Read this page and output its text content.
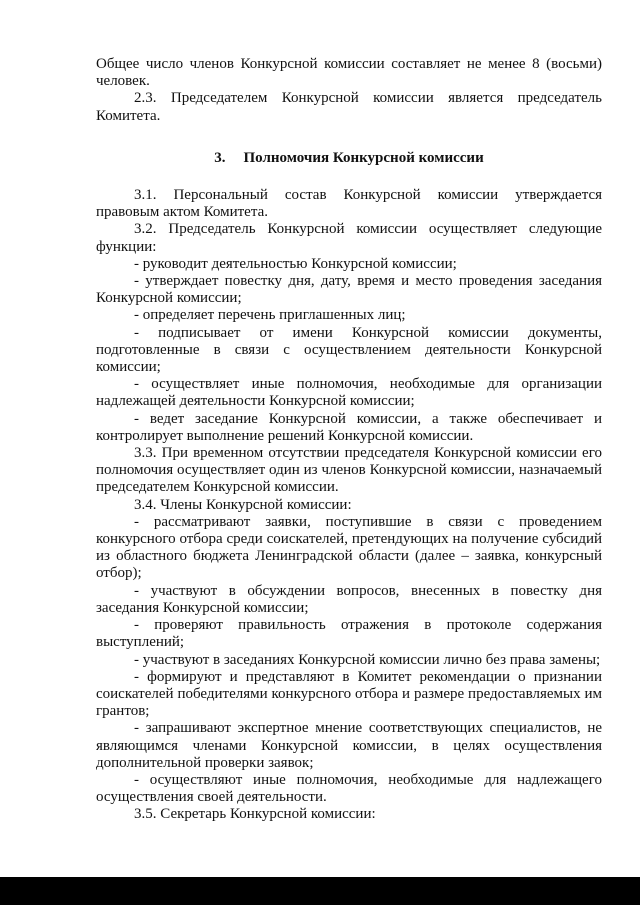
Общее число членов Конкурсной комиссии составляет не менее 8 (восьми) человек.

2.3. Председателем Конкурсной комиссии является председатель Комитета.

3. Полномочия Конкурсной комиссии

3.1. Персональный состав Конкурсной комиссии утверждается правовым актом Комитета.

3.2. Председатель Конкурсной комиссии осуществляет следующие функции:

- руководит деятельностью Конкурсной комиссии;

- утверждает повестку дня, дату, время и место проведения заседания Конкурсной комиссии;

- определяет перечень приглашенных лиц;

- подписывает от имени Конкурсной комиссии документы, подготовленные в связи с осуществлением деятельности Конкурсной комиссии;

- осуществляет иные полномочия, необходимые для организации надлежащей деятельности Конкурсной комиссии;

- ведет заседание Конкурсной комиссии, а также обеспечивает и контролирует выполнение решений Конкурсной комиссии.

3.3. При временном отсутствии председателя Конкурсной комиссии его полномочия осуществляет один из членов Конкурсной комиссии, назначаемый председателем Конкурсной комиссии.

3.4. Члены Конкурсной комиссии:

- рассматривают заявки, поступившие в связи с проведением конкурсного отбора среди соискателей, претендующих на получение субсидий из областного бюджета Ленинградской области (далее – заявка, конкурсный отбор);

- участвуют в обсуждении вопросов, внесенных в повестку дня заседания Конкурсной комиссии;

- проверяют правильность отражения в протоколе содержания выступлений;

- участвуют в заседаниях Конкурсной комиссии лично без права замены;

- формируют и представляют в Комитет рекомендации о признании соискателей победителями конкурсного отбора и размере предоставляемых им грантов;

- запрашивают экспертное мнение соответствующих специалистов, не являющимся членами Конкурсной комиссии, в целях осуществления дополнительной проверки заявок;

- осуществляют иные полномочия, необходимые для надлежащего осуществления своей деятельности.

3.5. Секретарь Конкурсной комиссии:
